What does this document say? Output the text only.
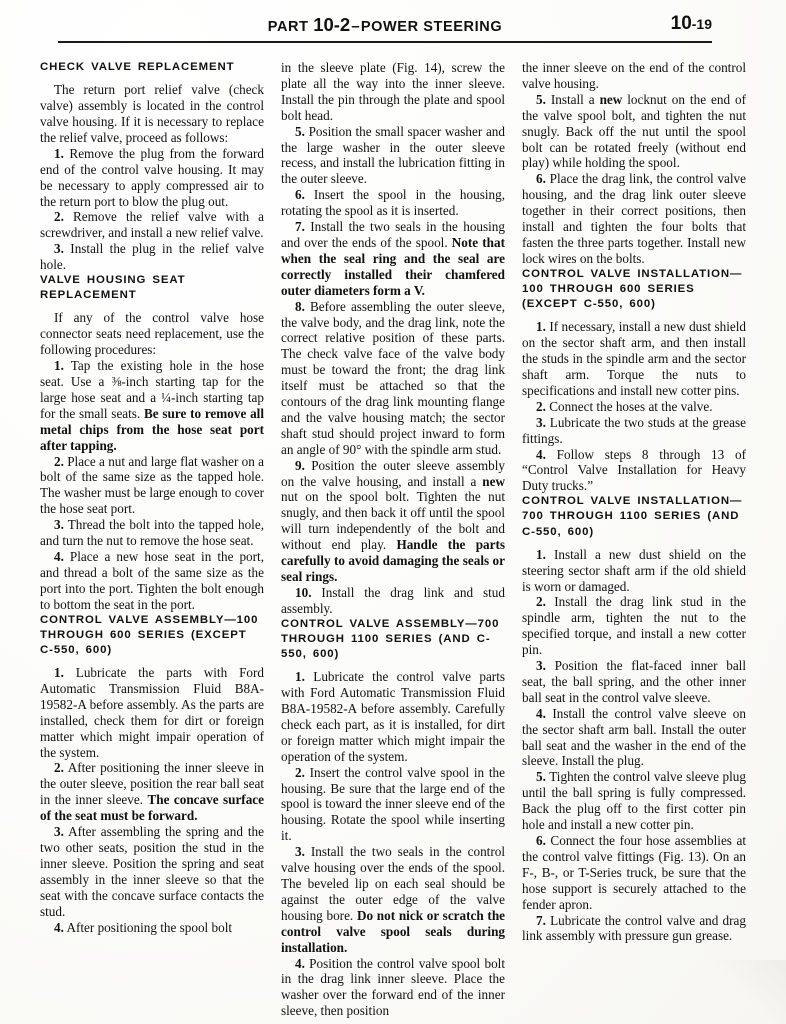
PART 10-2–POWER STEERING	10-19
CHECK VALVE REPLACEMENT

The return port relief valve (check valve) assembly is located in the control valve housing. If it is necessary to replace the relief valve, proceed as follows:

1. Remove the plug from the forward end of the control valve housing. It may be necessary to apply compressed air to the return port to blow the plug out.

2. Remove the relief valve with a screwdriver, and install a new relief valve.

3. Install the plug in the relief valve hole.

VALVE HOUSING SEAT REPLACEMENT

If any of the control valve hose connector seats need replacement, use the following procedures:

1. Tap the existing hole in the hose seat. Use a ⅜-inch starting tap for the large hose seat and a ¼-inch starting tap for the small seats. Be sure to remove all metal chips from the hose seat port after tapping.

2. Place a nut and large flat washer on a bolt of the same size as the tapped hole. The washer must be large enough to cover the hose seat port.

3. Thread the bolt into the tapped hole, and turn the nut to remove the hose seat.

4. Place a new hose seat in the port, and thread a bolt of the same size as the port into the port. Tighten the bolt enough to bottom the seat in the port.

CONTROL VALVE ASSEMBLY—100 THROUGH 600 SERIES (EXCEPT C-550, 600)

1. Lubricate the parts with Ford Automatic Transmission Fluid B8A-19582-A before assembly. As the parts are installed, check them for dirt or foreign matter which might impair operation of the system.

2. After positioning the inner sleeve in the outer sleeve, position the rear ball seat in the inner sleeve. The concave surface of the seat must be forward.

3. After assembling the spring and the two other seats, position the stud in the inner sleeve. Position the spring and seat assembly in the inner sleeve so that the seat with the concave surface contacts the stud.

4. After positioning the spool bolt

in the sleeve plate (Fig. 14), screw the plate all the way into the inner sleeve. Install the pin through the plate and spool bolt head.

5. Position the small spacer washer and the large washer in the outer sleeve recess, and install the lubrication fitting in the outer sleeve.

6. Insert the spool in the housing, rotating the spool as it is inserted.

7. Install the two seals in the housing and over the ends of the spool. Note that when the seal ring and the seal are correctly installed their chamfered outer diameters form a V.

8. Before assembling the outer sleeve, the valve body, and the drag link, note the correct relative position of these parts. The check valve face of the valve body must be toward the front; the drag link itself must be attached so that the contours of the drag link mounting flange and the valve housing match; the sector shaft stud should project inward to form an angle of 90° with the spindle arm stud.

9. Position the outer sleeve assembly on the valve housing, and install a new nut on the spool bolt. Tighten the nut snugly, and then back it off until the spool will turn independently of the bolt and without end play. Handle the parts carefully to avoid damaging the seals or seal rings.

10. Install the drag link and stud assembly.

CONTROL VALVE ASSEMBLY—700 THROUGH 1100 SERIES (AND C-550, 600)

1. Lubricate the control valve parts with Ford Automatic Transmission Fluid B8A-19582-A before assembly. Carefully check each part, as it is installed, for dirt or foreign matter which might impair the operation of the system.

2. Insert the control valve spool in the housing. Be sure that the large end of the spool is toward the inner sleeve end of the housing. Rotate the spool while inserting it.

3. Install the two seals in the control valve housing over the ends of the spool. The beveled lip on each seal should be against the outer edge of the valve housing bore. Do not nick or scratch the control valve spool seals during installation.

4. Position the control valve spool bolt in the drag link inner sleeve. Place the washer over the forward end of the inner sleeve, then position

the inner sleeve on the end of the control valve housing.

5. Install a new locknut on the end of the valve spool bolt, and tighten the nut snugly. Back off the nut until the spool bolt can be rotated freely (without end play) while holding the spool.

6. Place the drag link, the control valve housing, and the drag link outer sleeve together in their correct positions, then install and tighten the four bolts that fasten the three parts together. Install new lock wires on the bolts.

CONTROL VALVE INSTALLATION—100 THROUGH 600 SERIES (EXCEPT C-550, 600)

1. If necessary, install a new dust shield on the sector shaft arm, and then install the studs in the spindle arm and the sector shaft arm. Torque the nuts to specifications and install new cotter pins.

2. Connect the hoses at the valve.

3. Lubricate the two studs at the grease fittings.

4. Follow steps 8 through 13 of “Control Valve Installation for Heavy Duty trucks.”

CONTROL VALVE INSTALLATION—700 THROUGH 1100 SERIES (AND C-550, 600)

1. Install a new dust shield on the steering sector shaft arm if the old shield is worn or damaged.

2. Install the drag link stud in the spindle arm, tighten the nut to the specified torque, and install a new cotter pin.

3. Position the flat-faced inner ball seat, the ball spring, and the other inner ball seat in the control valve sleeve.

4. Install the control valve sleeve on the sector shaft arm ball. Install the outer ball seat and the washer in the end of the sleeve. Install the plug.

5. Tighten the control valve sleeve plug until the ball spring is fully compressed. Back the plug off to the first cotter pin hole and install a new cotter pin.

6. Connect the four hose assemblies at the control valve fittings (Fig. 13). On an F-, B-, or T-Series truck, be sure that the hose support is securely attached to the fender apron.

7. Lubricate the control valve and drag link assembly with pressure gun grease.
